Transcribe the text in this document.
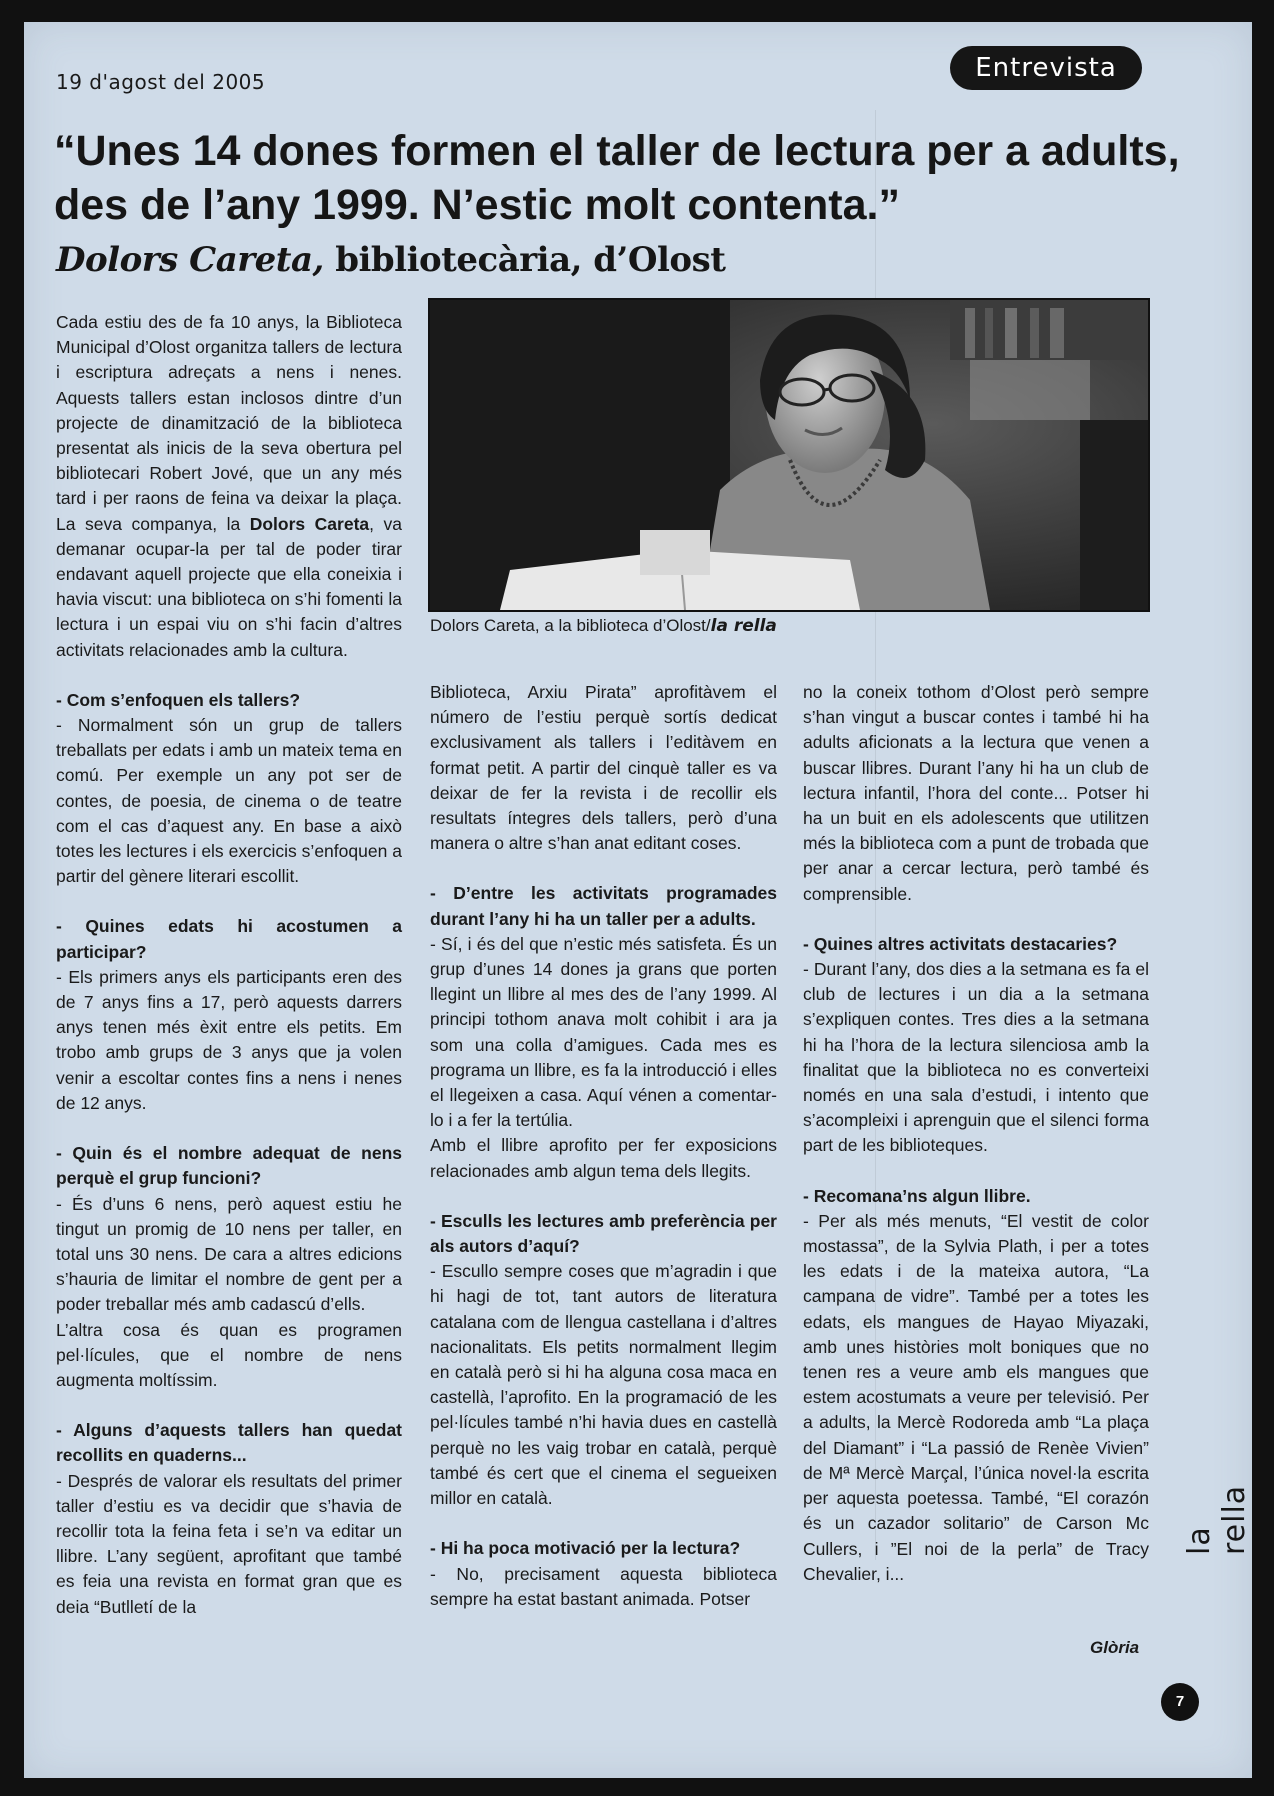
19 d'agost del 2005	Entrevista
“Unes 14 dones formen el taller de lectura per a adults, des de l’any 1999. N’estic molt contenta.”
Dolors Careta, bibliotecària, d’Olost
Dolors Careta, a la biblioteca d’Olost/la rella

Cada estiu des de fa 10 anys, la Biblioteca Municipal d’Olost organitza tallers de lectura i escriptura adreçats a nens i nenes. Aquests tallers estan inclosos dintre d’un projecte de dinamització de la biblioteca presentat als inicis de la seva obertura pel bibliotecari Robert Jové, que un any més tard i per raons de feina va deixar la plaça. La seva companya, la Dolors Careta, va demanar ocupar-la per tal de poder tirar endavant aquell projecte que ella coneixia i havia viscut: una biblioteca on s’hi fomenti la lectura i un espai viu on s’hi facin d’altres activitats relacionades amb la cultura.

- Com s’enfoquen els tallers?

- Normalment són un grup de tallers treballats per edats i amb un mateix tema en comú. Per exemple un any pot ser de contes, de poesia, de cinema o de teatre com el cas d’aquest any. En base a això totes les lectures i els exercicis s’enfoquen a partir del gènere literari escollit.

- Quines edats hi acostumen a participar?

- Els primers anys els participants eren des de 7 anys fins a 17, però aquests darrers anys tenen més èxit entre els petits. Em trobo amb grups de 3 anys que ja volen venir a escoltar contes fins a nens i nenes de 12 anys.

- Quin és el nombre adequat de nens perquè el grup funcioni?

- És d’uns 6 nens, però aquest estiu he tingut un promig de 10 nens per taller, en total uns 30 nens. De cara a altres edicions s’hauria de limitar el nombre de gent per a poder treballar més amb cadascú d’ells.

L’altra cosa és quan es programen pel·lícules, que el nombre de nens augmenta moltíssim.

- Alguns d’aquests tallers han quedat recollits en quaderns...

- Després de valorar els resultats del primer taller d’estiu es va decidir que s’havia de recollir tota la feina feta i se’n va editar un llibre. L’any següent, aprofitant que també es feia una revista en format gran que es deia “Butlletí de la

Biblioteca, Arxiu Pirata” aprofitàvem el número de l’estiu perquè sortís dedicat exclusivament als tallers i l’editàvem en format petit. A partir del cinquè taller es va deixar de fer la revista i de recollir els resultats íntegres dels tallers, però d’una manera o altre s’han anat editant coses.

- D’entre les activitats programades durant l’any hi ha un taller per a adults.

- Sí, i és del que n’estic més satisfeta. És un grup d’unes 14 dones ja grans que porten llegint un llibre al mes des de l’any 1999. Al principi tothom anava molt cohibit i ara ja som una colla d’amigues. Cada mes es programa un llibre, es fa la introducció i elles el llegeixen a casa. Aquí vénen a comentar-lo i a fer la tertúlia.

Amb el llibre aprofito per fer exposicions relacionades amb algun tema dels llegits.

- Esculls les lectures amb preferència per als autors d’aquí?

- Escullo sempre coses que m’agradin i que hi hagi de tot, tant autors de literatura catalana com de llengua castellana i d’altres nacionalitats. Els petits normalment llegim en català però si hi ha alguna cosa maca en castellà, l’aprofito. En la programació de les pel·lícules també n’hi havia dues en castellà perquè no les vaig trobar en català, perquè també és cert que el cinema el segueixen millor en català.

- Hi ha poca motivació per la lectura?

- No, precisament aquesta biblioteca sempre ha estat bastant animada. Potser

no la coneix tothom d’Olost però sempre s’han vingut a buscar contes i també hi ha adults aficionats a la lectura que venen a buscar llibres. Durant l’any hi ha un club de lectura infantil, l’hora del conte... Potser hi ha un buit en els adolescents que utilitzen més la biblioteca com a punt de trobada que per anar a cercar lectura, però també és comprensible.

- Quines altres activitats destacaries?

- Durant l’any, dos dies a la setmana es fa el club de lectures i un dia a la setmana s’expliquen contes. Tres dies a la setmana hi ha l’hora de la lectura silenciosa amb la finalitat que la biblioteca no es converteixi només en una sala d’estudi, i intento que s’acompleixi i aprenguin que el silenci forma part de les biblioteques.

- Recomana’ns algun llibre.

- Per als més menuts, “El vestit de color mostassa”, de la Sylvia Plath, i per a totes les edats i de la mateixa autora, “La campana de vidre”. També per a totes les edats, els mangues de Hayao Miyazaki, amb unes històries molt boniques que no tenen res a veure amb els mangues que estem acostumats a veure per televisió. Per a adults, la Mercè Rodoreda amb “La plaça del Diamant” i “La passió de Renèe Vivien” de Mª Mercè Marçal, l’única novel·la escrita per aquesta poetessa. També, “El corazón és un cazador solitario” de Carson Mc Cullers, i ”El noi de la perla” de Tracy Chevalier, i...

Glòria
la rella
7
